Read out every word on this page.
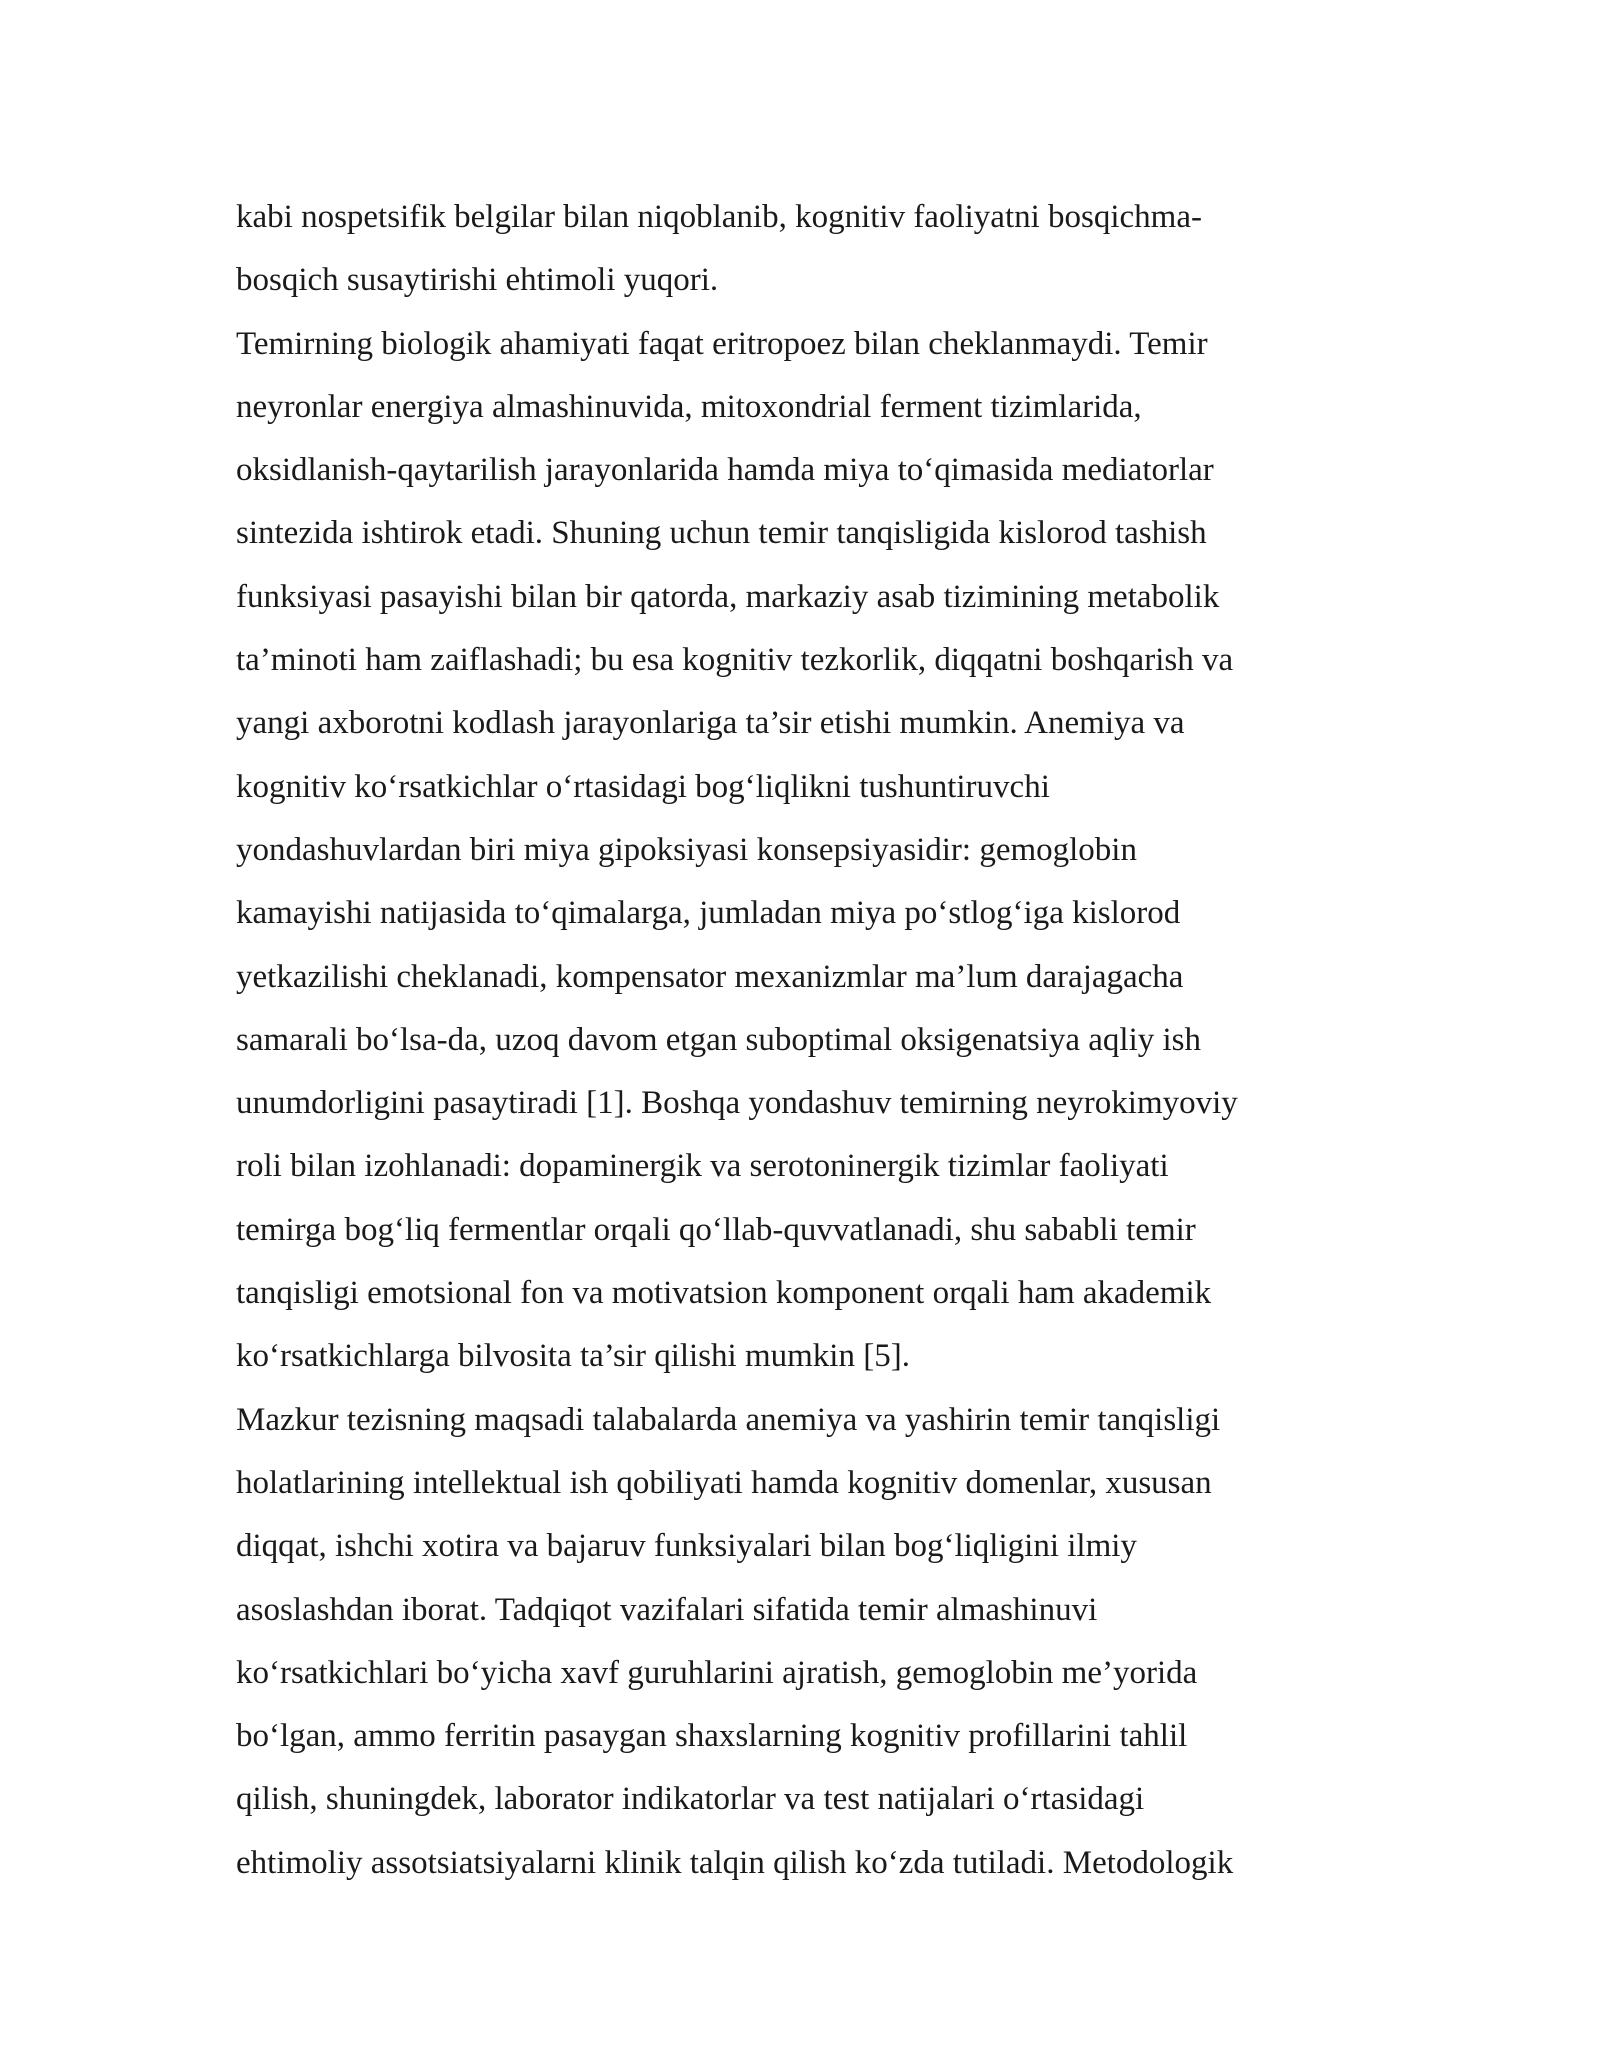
kabi nospetsifik belgilar bilan niqoblanib, kognitiv faoliyatni bosqichma-
bosqich susaytirishi ehtimoli yuqori.
Temirning biologik ahamiyati faqat eritropoez bilan cheklanmaydi. Temir
neyronlar energiya almashinuvida, mitoxondrial ferment tizimlarida,
oksidlanish-qaytarilish jarayonlarida hamda miya to‘qimasida mediatorlar
sintezida ishtirok etadi. Shuning uchun temir tanqisligida kislorod tashish
funksiyasi pasayishi bilan bir qatorda, markaziy asab tizimining metabolik
ta’minoti ham zaiflashadi; bu esa kognitiv tezkorlik, diqqatni boshqarish va
yangi axborotni kodlash jarayonlariga ta’sir etishi mumkin. Anemiya va
kognitiv ko‘rsatkichlar o‘rtasidagi bog‘liqlikni tushuntiruvchi
yondashuvlardan biri miya gipoksiyasi konsepsiyasidir: gemoglobin
kamayishi natijasida to‘qimalarga, jumladan miya po‘stlog‘iga kislorod
yetkazilishi cheklanadi, kompensator mexanizmlar ma’lum darajagacha
samarali bo‘lsa-da, uzoq davom etgan suboptimal oksigenatsiya aqliy ish
unumdorligini pasaytiradi [1]. Boshqa yondashuv temirning neyrokimyoviy
roli bilan izohlanadi: dopaminergik va serotoninergik tizimlar faoliyati
temirga bog‘liq fermentlar orqali qo‘llab-quvvatlanadi, shu sababli temir
tanqisligi emotsional fon va motivatsion komponent orqali ham akademik
ko‘rsatkichlarga bilvosita ta’sir qilishi mumkin [5].
Mazkur tezisning maqsadi talabalarda anemiya va yashirin temir tanqisligi
holatlarining intellektual ish qobiliyati hamda kognitiv domenlar, xususan
diqqat, ishchi xotira va bajaruv funksiyalari bilan bog‘liqligini ilmiy
asoslashdan iborat. Tadqiqot vazifalari sifatida temir almashinuvi
ko‘rsatkichlari bo‘yicha xavf guruhlarini ajratish, gemoglobin me’yorida
bo‘lgan, ammo ferritin pasaygan shaxslarning kognitiv profillarini tahlil
qilish, shuningdek, laborator indikatorlar va test natijalari o‘rtasidagi
ehtimoliy assotsiatsiyalarni klinik talqin qilish ko‘zda tutiladi. Metodologik
